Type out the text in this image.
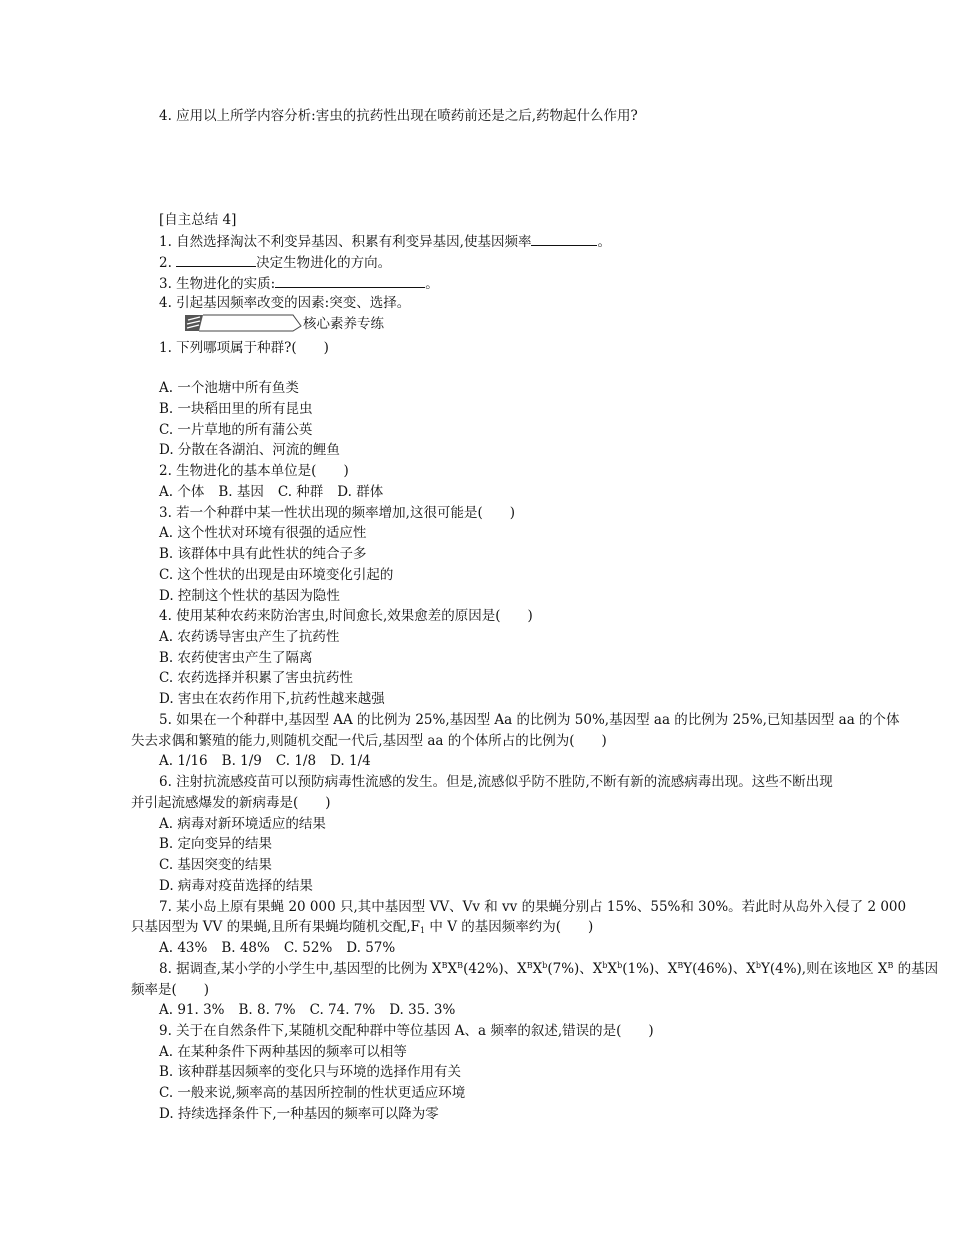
4. 应用以上所学内容分析:害虫的抗药性出现在喷药前还是之后,药物起什么作用?
[自主总结 4]
1. 自然选择淘汰不利变异基因、积累有利变异基因,使基因频率	。
2.	决定生物进化的方向。
3. 生物进化的实质:	。
4. 引起基因频率改变的因素:突变、选择。
核心素养专练
1. 下列哪项属于种群?(　　)
A. 一个池塘中所有鱼类
B. 一块稻田里的所有昆虫
C. 一片草地的所有蒲公英
D. 分散在各湖泊、河流的鲤鱼
2. 生物进化的基本单位是(　　)
A. 个体 B. 基因 C. 种群 D. 群体
3. 若一个种群中某一性状出现的频率增加,这很可能是(　　)
A. 这个性状对环境有很强的适应性
B. 该群体中具有此性状的纯合子多
C. 这个性状的出现是由环境变化引起的
D. 控制这个性状的基因为隐性
4. 使用某种农药来防治害虫,时间愈长,效果愈差的原因是(　　)
A. 农药诱导害虫产生了抗药性
B. 农药使害虫产生了隔离
C. 农药选择并积累了害虫抗药性
D. 害虫在农药作用下,抗药性越来越强
5. 如果在一个种群中,基因型 AA 的比例为 25%,基因型 Aa 的比例为 50%,基因型 aa 的比例为 25%,已知基因型 aa 的个体
失去求偶和繁殖的能力,则随机交配一代后,基因型 aa 的个体所占的比例为(　　)
A. 1/16 B. 1/9 C. 1/8 D. 1/4
6. 注射抗流感疫苗可以预防病毒性流感的发生。但是,流感似乎防不胜防,不断有新的流感病毒出现。这些不断出现
并引起流感爆发的新病毒是(　　)
A. 病毒对新环境适应的结果
B. 定向变异的结果
C. 基因突变的结果
D. 病毒对疫苗选择的结果
7. 某小岛上原有果蝇 20 000 只,其中基因型 VV、Vv 和 vv 的果蝇分别占 15%、55%和 30%。若此时从岛外入侵了 2 000
只基因型为 VV 的果蝇,且所有果蝇均随机交配$,F_1$ 中 V 的基因频率约为(　　)
A. 43% B. 48% C. 52% D. 57%
8. 据调查,某小学的小学生中,基因型的比例为 $X^BX^B(42\%)$、$X^BX^b(7\%)$、$X^bX^b(1\%)$、$X^BY(46\%)$、$X^bY(4\%)$,则在该地区 $X^B$ 的基因
频率是(　　)
A. 91. 3% B. 8. 7% C. 74. 7% D. 35. 3%
9. 关于在自然条件下,某随机交配种群中等位基因 A、a 频率的叙述,错误的是(　　)
A. 在某种条件下两种基因的频率可以相等
B. 该种群基因频率的变化只与环境的选择作用有关
C. 一般来说,频率高的基因所控制的性状更适应环境
D. 持续选择条件下,一种基因的频率可以降为零
